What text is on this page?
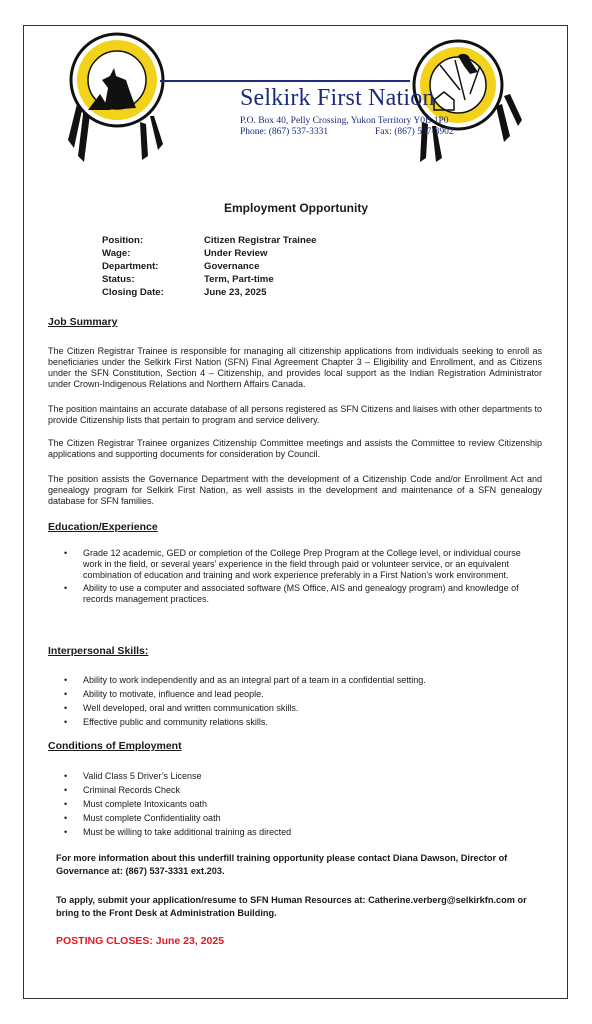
Selkirk First Nation
P.O. Box 40, Pelly Crossing, Yukon Territory Y0B 1P0
Phone: (867) 537-3331	Fax: (867) 537-3902
Employment Opportunity
Position:	Citizen Registrar Trainee
Wage:	Under Review
Department:	Governance
Status:	Term, Part-time
Closing Date:	June 23, 2025
Job Summary

The Citizen Registrar Trainee is responsible for managing all citizenship applications from individuals seeking to enroll as beneficiaries under the Selkirk First Nation (SFN) Final Agreement Chapter 3 – Eligibility and Enrollment, and as Citizens under the SFN Constitution, Section 4 – Citizenship, and provides local support as the Indian Registration Administrator under Crown-Indigenous Relations and Northern Affairs Canada.

The position maintains an accurate database of all persons registered as SFN Citizens and liaises with other departments to provide Citizenship lists that pertain to program and service delivery.

The Citizen Registrar Trainee organizes Citizenship Committee meetings and assists the Committee to review Citizenship applications and supporting documents for consideration by Council.

The position assists the Governance Department with the development of a Citizenship Code and/or Enrollment Act and genealogy program for Selkirk First Nation, as well assists in the development and maintenance of a SFN genealogy database for SFN families.

Education/Experience
• Grade 12 academic, GED or completion of the College Prep Program at the College level, or individual course work in the field, or several years’ experience in the field through paid or volunteer service, or an equivalent combination of education and training and work experience preferably in a First Nation’s work environment.
• Ability to use a computer and associated software (MS Office, AIS and genealogy program) and knowledge of records management practices.
Interpersonal Skills:
• Ability to work independently and as an integral part of a team in a confidential setting.
• Ability to motivate, influence and lead people.
• Well developed, oral and written communication skills.
• Effective public and community relations skills.
Conditions of Employment
• Valid Class 5 Driver’s License
• Criminal Records Check
• Must complete Intoxicants oath
• Must complete Confidentiality oath
• Must be willing to take additional training as directed
For more information about this underfill training opportunity please contact Diana Dawson, Director of Governance at: (867) 537-3331 ext.203.
To apply, submit your application/resume to SFN Human Resources at: Catherine.verberg@selkirkfn.com or bring to the Front Desk at Administration Building.
POSTING CLOSES: June 23, 2025
